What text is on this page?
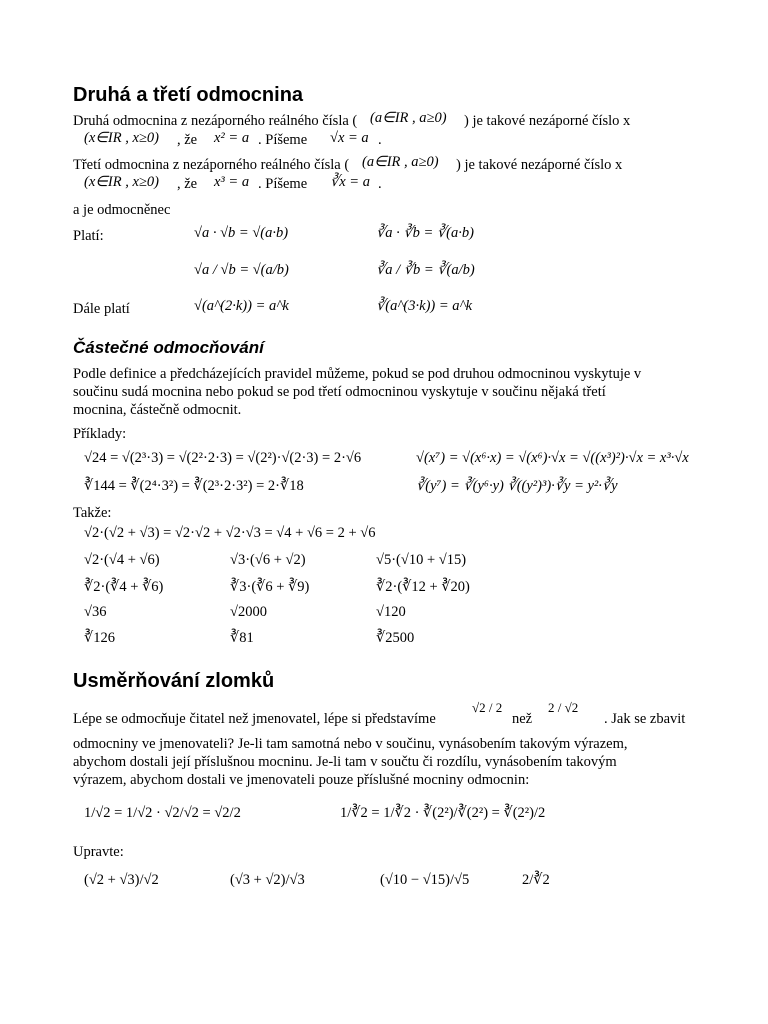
Druhá a třetí odmocnina
Druhá odmocnina z nezáporného reálného čísla ( (a∈IR , a≥0) ) je takové nezáporné číslo x
(x∈IR , x≥0) , že x² = a . Píšeme √x = a .
Třetí odmocnina z nezáporného reálného čísla ( (a∈IR , a≥0) ) je takové nezáporné číslo x
(x∈IR , x≥0) , že x³ = a . Píšeme ∛x = a .
a je odmocněnec
Platí:	√a · √b = √(a·b)	∛a · ∛b = ∛(a·b)
√a / √b = √(a/b)	∛a / ∛b = ∛(a/b)
Dále platí	√(a^(2·k)) = a^k	∛(a^(3·k)) = a^k
Částečné odmocňování
Podle definice a předcházejících pravidel můžeme, pokud se pod druhou odmocninou vyskytuje v
součinu sudá mocnina nebo pokud se pod třetí odmocninou vyskytuje v součinu nějaká třetí
mocnina, částečně odmocnit.
Příklady:
√24 = √(2³·3) = √(2²·2·3) = √(2²)·√(2·3) = 2·√6	√(x⁷) = √(x⁶·x) = √(x⁶)·√x = √((x³)²)·√x = x³·√x
∛144 = ∛(2⁴·3²) = ∛(2³·2·3²) = 2·∛18	∛(y⁷) = ∛(y⁶·y) ∛((y²)³)·∛y = y²·∛y
Takže:
√2·(√2 + √3) = √2·√2 + √2·√3 = √4 + √6 = 2 + √6
√2·(√4 + √6)	√3·(√6 + √2)	√5·(√10 + √15)
∛2·(∛4 + ∛6)	∛3·(∛6 + ∛9)	∛2·(∛12 + ∛20)
√36	√2000	√120
∛126	∛81	∛2500
Usměrňování zlomků
Lépe se odmocňuje čitatel než jmenovatel, lépe si představíme
√2 / 2
než
2 / √2
. Jak se zbavit
odmocniny ve jmenovateli? Je-li tam samotná nebo v součinu, vynásobením takovým výrazem,
abychom dostali její příslušnou mocninu. Je-li tam v součtu či rozdílu, vynásobením takovým
výrazem, abychom dostali ve jmenovateli pouze příslušné mocniny odmocnin:
1/√2 = 1/√2 · √2/√2 = √2/2	1/∛2 = 1/∛2 · ∛(2²)/∛(2²) = ∛(2²)/2
Upravte:
(√2 + √3)/√2	(√3 + √2)/√3	(√10 − √15)/√5	2/∛2
